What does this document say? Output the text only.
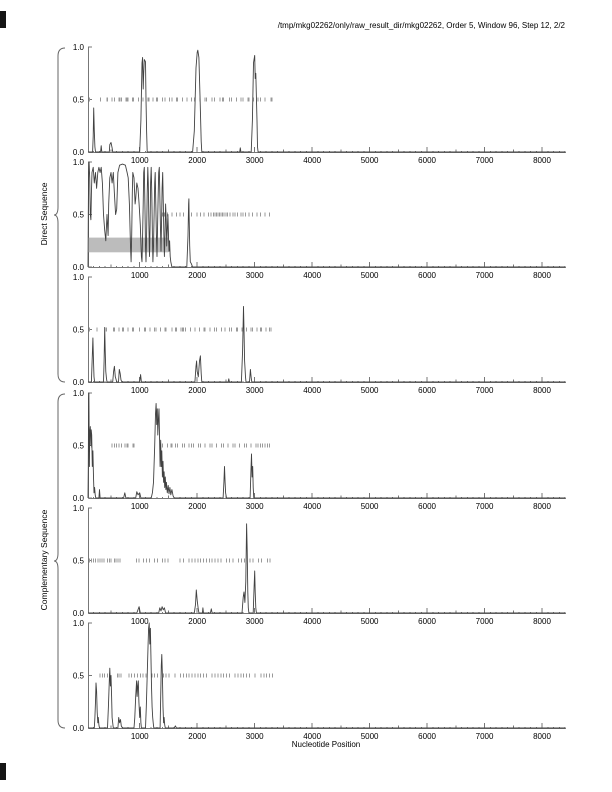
/tmp/mkg02262/only/raw_result_dir/mkg02262, Order 5, Window 96, Step 12, 2/2
Direct Sequence
Complementary Sequence
1000	2000	3000	4000	5000	6000	7000	8000
1.0
0.5
0.0
1000	2000	3000	4000	5000	6000	7000	8000
1.0
0.5
0.0
1000	2000	3000	4000	5000	6000	7000	8000
1.0
0.5
0.0
1000	2000	3000	4000	5000	6000	7000	8000
1.0
0.5
0.0
1000	2000	3000	4000	5000	6000	7000	8000
1.0
0.5
0.0
1000	2000	3000	4000	5000	6000	7000	8000
1.0
0.5
0.0
Nucleotide Position
